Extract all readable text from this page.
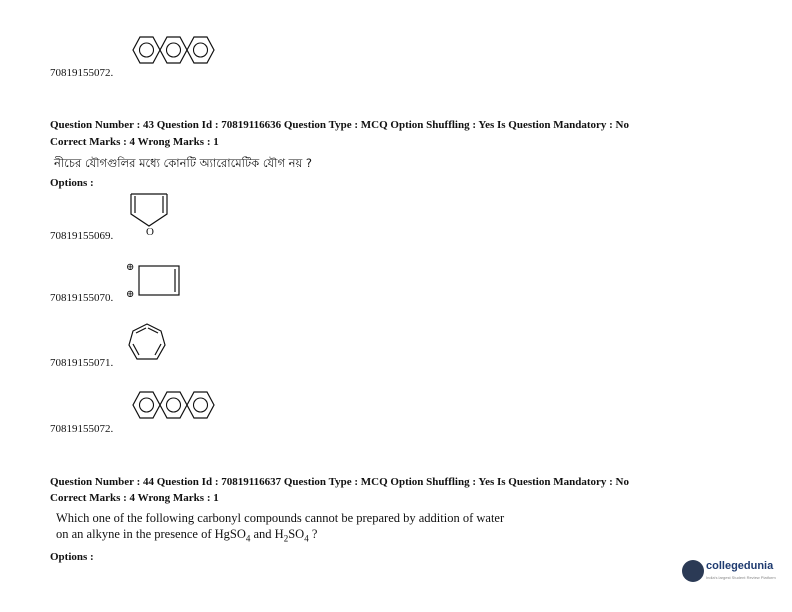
70819155072.
Question Number : 43 Question Id : 70819116636 Question Type : MCQ Option Shuffling : Yes Is Question Mandatory : No
Correct Marks : 4 Wrong Marks : 1
নীচের যৌগগুলির মধ্যে কোনটি অ্যারোমেটিক যৌগ নয় ?
Options :
O
70819155069.
⊕
⊕
70819155070.
70819155071.
70819155072.
Question Number : 44 Question Id : 70819116637 Question Type : MCQ Option Shuffling : Yes Is Question Mandatory : No
Correct Marks : 4 Wrong Marks : 1
Which one of the following carbonyl compounds cannot be prepared by addition of water
on an alkyne in the presence of HgSO$_4$ and $H_2SO_4$ ?
Options :
collegedunia
India's largest Student Review Platform
